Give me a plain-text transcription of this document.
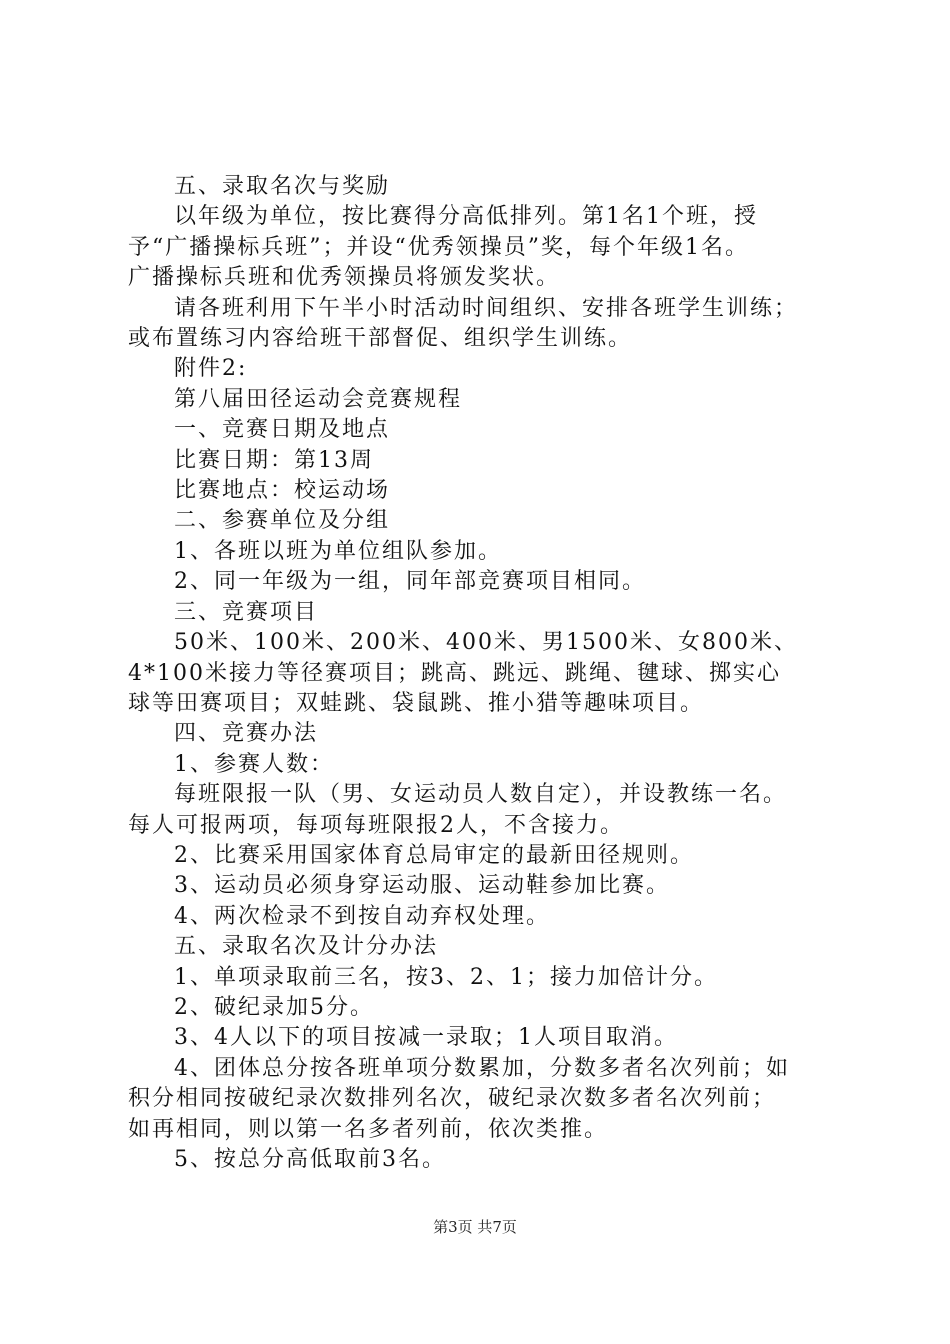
五、录取名次与奖励
以年级为单位，按比赛得分高低排列。第1名1个班，授
予“广播操标兵班”；并设“优秀领操员”奖，每个年级1名。
广播操标兵班和优秀领操员将颁发奖状。
请各班利用下午半小时活动时间组织、安排各班学生训练；
或布置练习内容给班干部督促、组织学生训练。
附件2:
第八届田径运动会竞赛规程
一、竞赛日期及地点
比赛日期：第13周
比赛地点：校运动场
二、参赛单位及分组
1、各班以班为单位组队参加。
2、同一年级为一组，同年部竞赛项目相同。
三、竞赛项目
50米、100米、200米、400米、男1500米、女800米、
4*100米接力等径赛项目；跳高、跳远、跳绳、毽球、掷实心
球等田赛项目；双蛙跳、袋鼠跳、推小猎等趣味项目。
四、竞赛办法
1、参赛人数：
每班限报一队（男、女运动员人数自定），并设教练一名。
每人可报两项，每项每班限报2人，不含接力。
2、比赛采用国家体育总局审定的最新田径规则。
3、运动员必须身穿运动服、运动鞋参加比赛。
4、两次检录不到按自动弃权处理。
五、录取名次及计分办法
1、单项录取前三名，按3、2、1；接力加倍计分。
2、破纪录加5分。
3、4人以下的项目按减一录取；1人项目取消。
4、团体总分按各班单项分数累加，分数多者名次列前；如
积分相同按破纪录次数排列名次，破纪录次数多者名次列前；
如再相同，则以第一名多者列前，依次类推。
5、按总分高低取前3名。
第3页 共7页
